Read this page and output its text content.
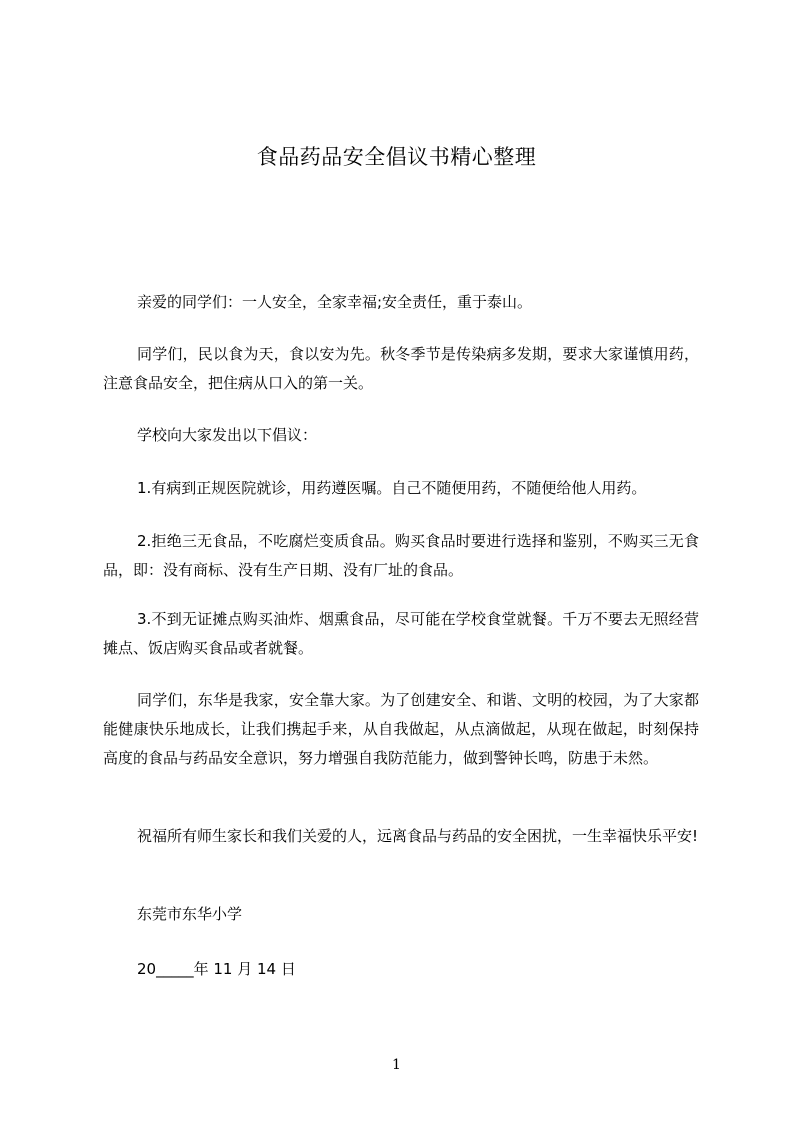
食品药品安全倡议书精心整理
亲爱的同学们：一人安全，全家幸福;安全责任，重于泰山。
同学们，民以食为天，食以安为先。秋冬季节是传染病多发期，要求大家谨慎用药，注意食品安全，把住病从口入的第一关。
学校向大家发出以下倡议：
1.有病到正规医院就诊，用药遵医嘱。自己不随便用药，不随便给他人用药。
2.拒绝三无食品，不吃腐烂变质食品。购买食品时要进行选择和鉴别，不购买三无食品，即：没有商标、没有生产日期、没有厂址的食品。
3.不到无证摊点购买油炸、烟熏食品，尽可能在学校食堂就餐。千万不要去无照经营摊点、饭店购买食品或者就餐。
同学们，东华是我家，安全靠大家。为了创建安全、和谐、文明的校园，为了大家都能健康快乐地成长，让我们携起手来，从自我做起，从点滴做起，从现在做起，时刻保持高度的食品与药品安全意识，努力增强自我防范能力，做到警钟长鸣，防患于未然。
祝福所有师生家长和我们关爱的人，远离食品与药品的安全困扰，一生幸福快乐平安!
东莞市东华小学
20_____年 11 月 14 日
1
